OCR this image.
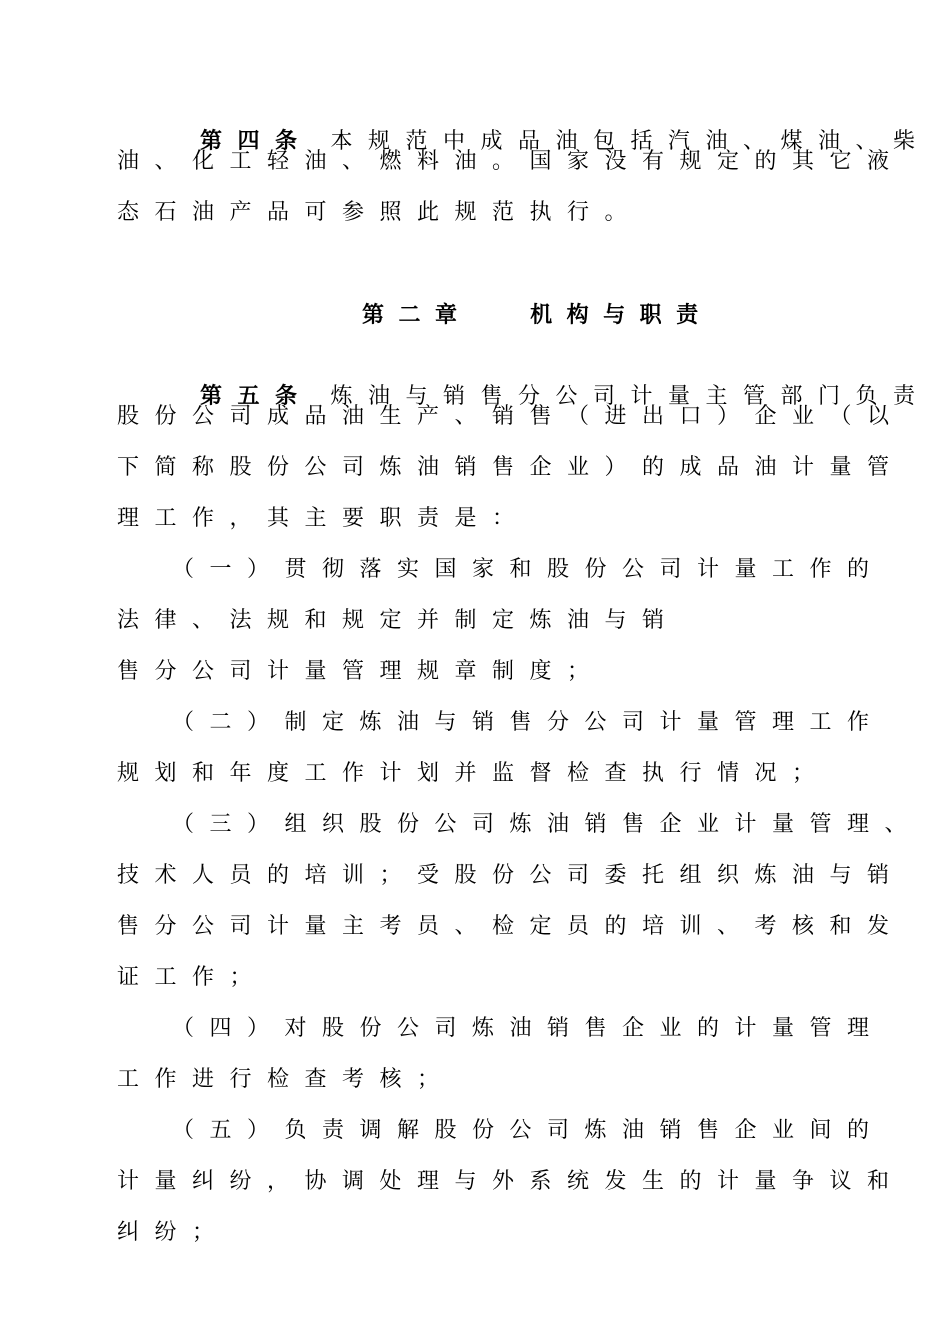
第四条 本规范中成品油包括汽油、煤油、柴

油、化工轻油、燃料油。国家没有规定的其它液
态石油产品可参照此规范执行。
第二章　 机构与职责

第五条 炼油与销售分公司计量主管部门负责

股份公司成品油生产、销售（进出口）企业（以
下简称股份公司炼油销售企业）的成品油计量管
理工作，其主要职责是：
（一）贯彻落实国家和股份公司计量工作的
法律、法规和规定并制定炼油与销
售分公司计量管理规章制度；
（二）制定炼油与销售分公司计量管理工作
规划和年度工作计划并监督检查执行情况；
（三）组织股份公司炼油销售企业计量管理、
技术人员的培训；受股份公司委托组织炼油与销
售分公司计量主考员、检定员的培训、考核和发
证工作；
（四）对股份公司炼油销售企业的计量管理
工作进行检查考核；
（五）负责调解股份公司炼油销售企业间的
计量纠纷，协调处理与外系统发生的计量争议和
纠纷；
